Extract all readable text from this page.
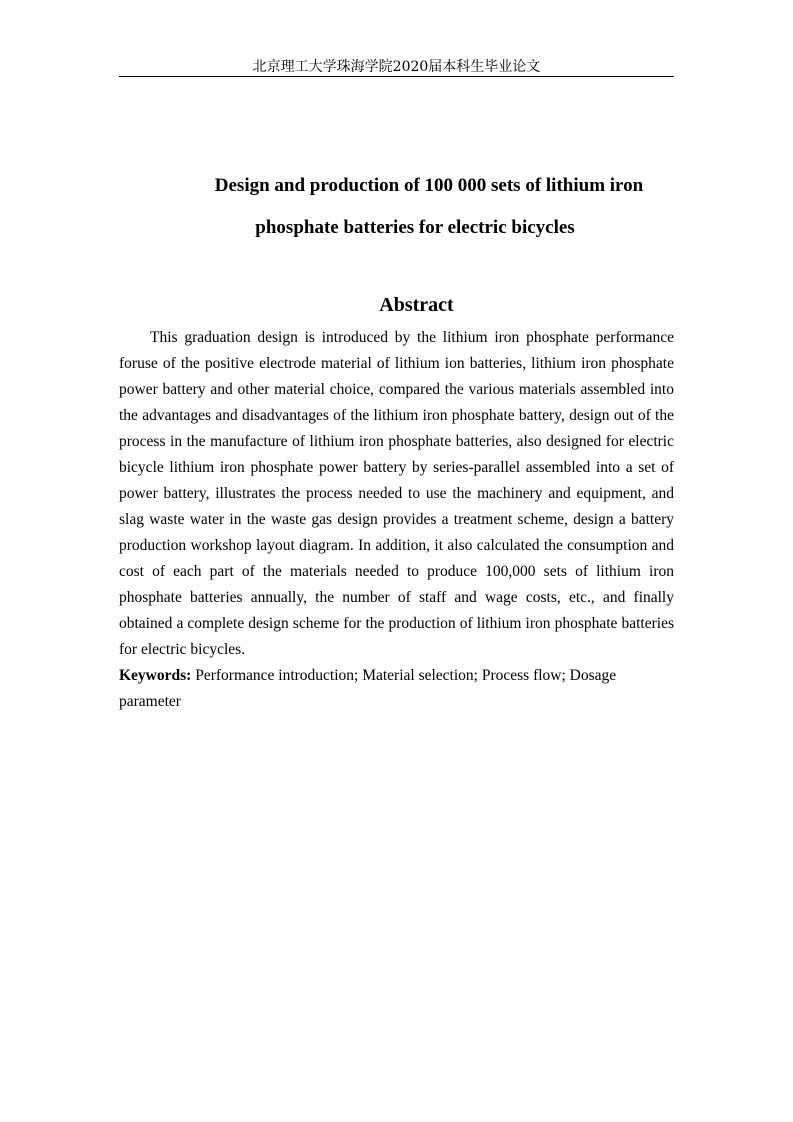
北京理工大学珠海学院2020届本科生毕业论文
Design and production of 100 000 sets of lithium iron
phosphate batteries for electric bicycles
Abstract

This graduation design is introduced by the lithium iron phosphate performance foruse of the positive electrode material of lithium ion batteries, lithium iron phosphate power battery and other material choice, compared the various materials assembled into the advantages and disadvantages of the lithium iron phosphate battery, design out of the process in the manufacture of lithium iron phosphate batteries, also designed for electric bicycle lithium iron phosphate power battery by series-parallel assembled into a set of power battery, illustrates the process needed to use the machinery and equipment, and slag waste water in the waste gas design provides a treatment scheme, design a battery production workshop layout diagram. In addition, it also calculated the consumption and cost of each part of the materials needed to produce 100,000 sets of lithium iron phosphate batteries annually, the number of staff and wage costs, etc., and finally obtained a complete design scheme for the production of lithium iron phosphate batteries for electric bicycles.

Keywords: Performance introduction; Material selection; Process flow; Dosage parameter
